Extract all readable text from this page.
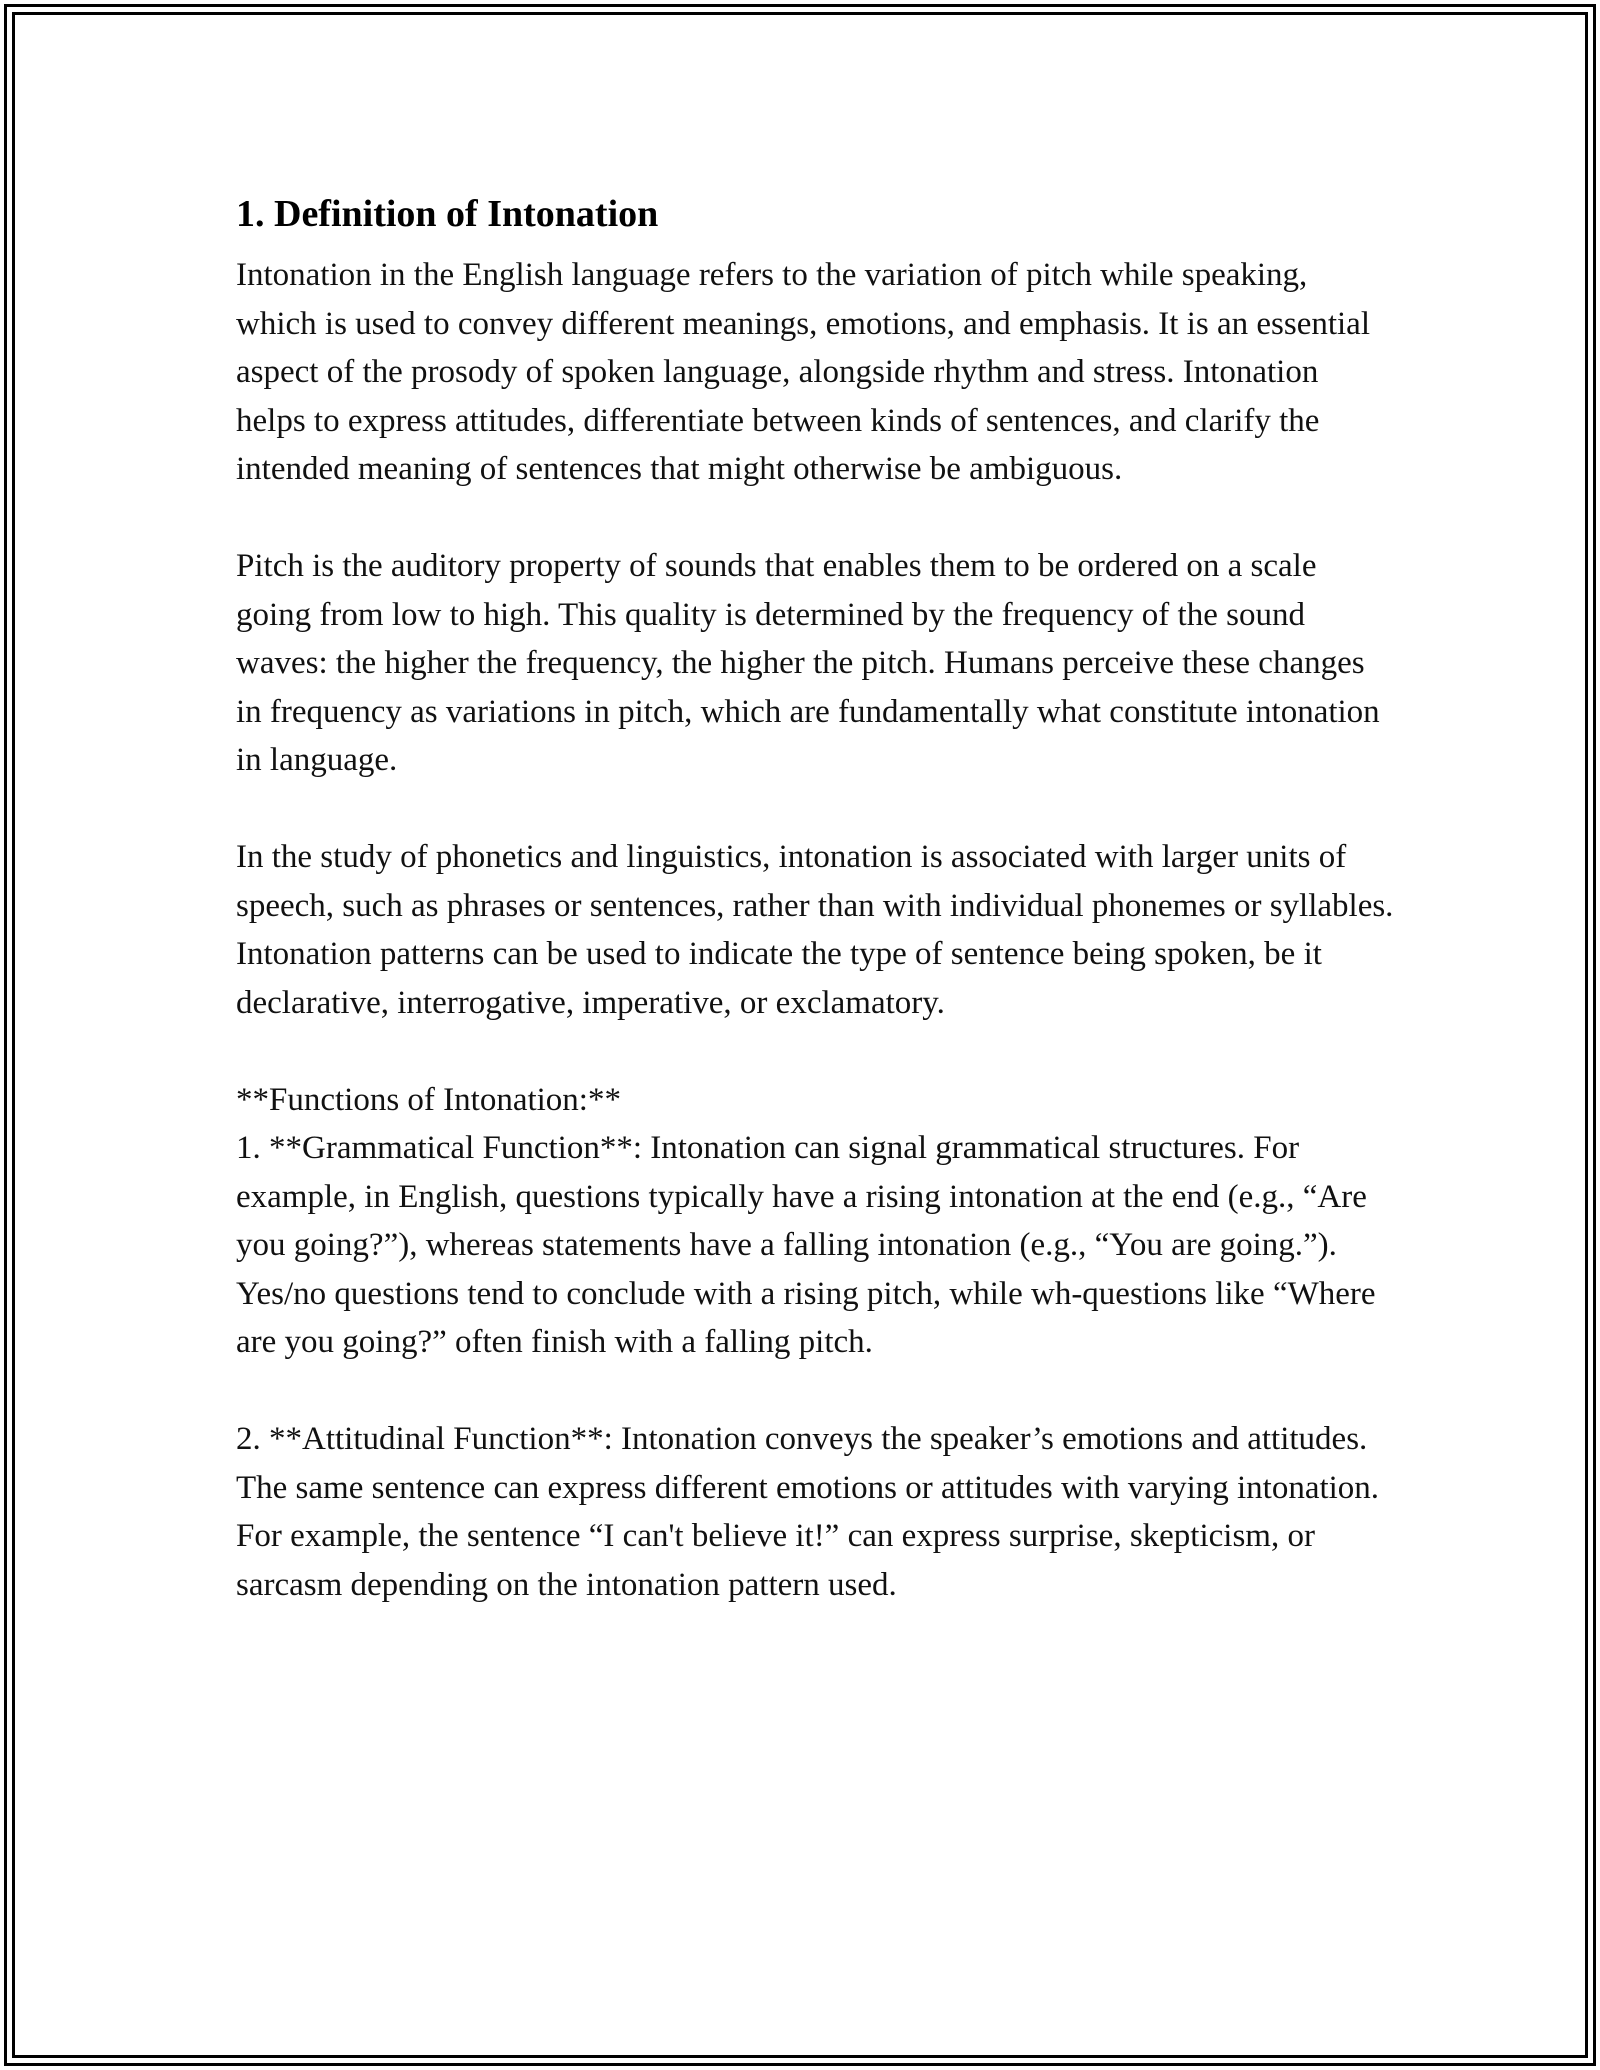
1. Definition of Intonation

Intonation in the English language refers to the variation of pitch while speaking, which is used to convey different meanings, emotions, and emphasis. It is an essential aspect of the prosody of spoken language, alongside rhythm and stress. Intonation helps to express attitudes, differentiate between kinds of sentences, and clarify the intended meaning of sentences that might otherwise be ambiguous.

Pitch is the auditory property of sounds that enables them to be ordered on a scale going from low to high. This quality is determined by the frequency of the sound waves: the higher the frequency, the higher the pitch. Humans perceive these changes in frequency as variations in pitch, which are fundamentally what constitute intonation in language.

In the study of phonetics and linguistics, intonation is associated with larger units of speech, such as phrases or sentences, rather than with individual phonemes or syllables. Intonation patterns can be used to indicate the type of sentence being spoken, be it declarative, interrogative, imperative, or exclamatory.

**Functions of Intonation:**

1. **Grammatical Function**: Intonation can signal grammatical structures. For example, in English, questions typically have a rising intonation at the end (e.g., “Are you going?”), whereas statements have a falling intonation (e.g., “You are going.”). Yes/no questions tend to conclude with a rising pitch, while wh-questions like “Where are you going?” often finish with a falling pitch.

2. **Attitudinal Function**: Intonation conveys the speaker’s emotions and attitudes. The same sentence can express different emotions or attitudes with varying intonation. For example, the sentence “I can't believe it!” can express surprise, skepticism, or sarcasm depending on the intonation pattern used.
